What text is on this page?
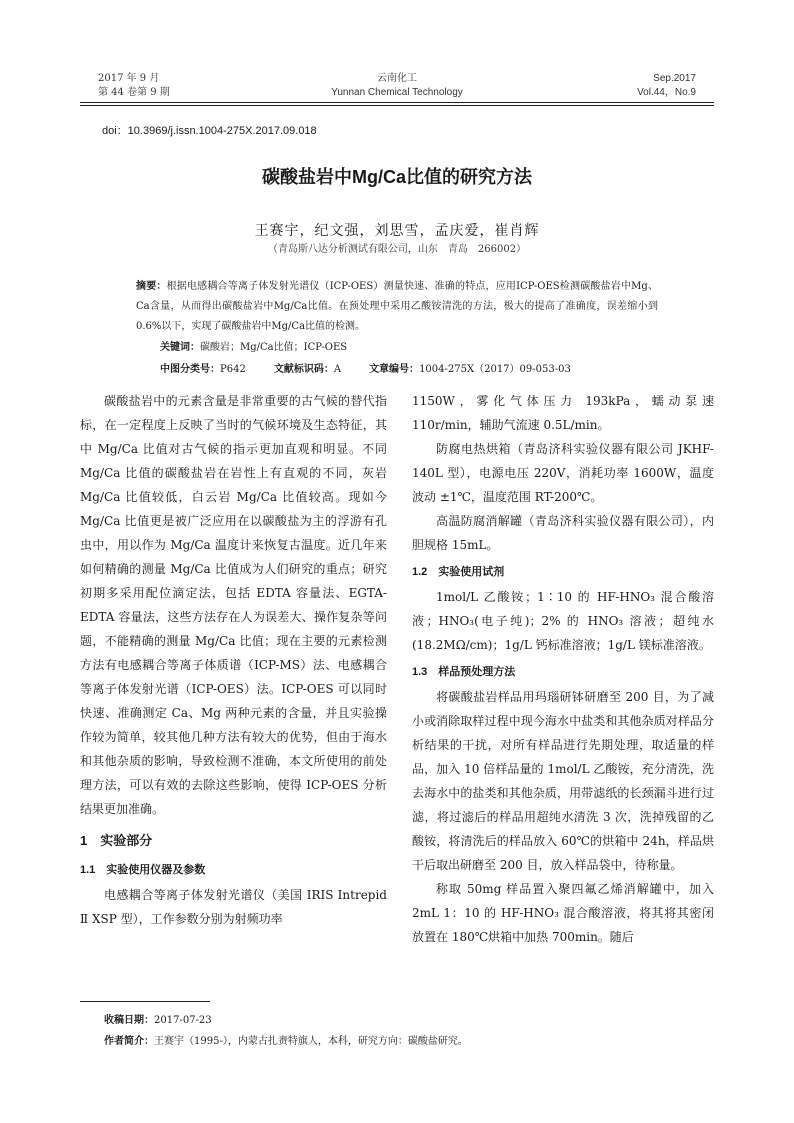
2017 年 9 月
第 44 卷第 9 期
云南化工
Yunnan Chemical Technology
Sep.2017
Vol.44，No.9
doi：10.3969/j.issn.1004-275X.2017.09.018
碳酸盐岩中Mg/Ca比值的研究方法
王赛宇，纪文强，刘思雪，孟庆爱，崔肖辉
（青岛斯八达分析测试有限公司，山东　青岛　266002）
摘要：根据电感耦合等离子体发射光谱仪（ICP-OES）测量快速、准确的特点，应用ICP-OES检测碳酸盐岩中Mg、Ca含量，从而得出碳酸盐岩中Mg/Ca比值。在预处理中采用乙酸铵清洗的方法，极大的提高了准确度，误差缩小到0.6%以下，实现了碳酸盐岩中Mg/Ca比值的检测。
关键词：碳酸岩；Mg/Ca比值；ICP-OES
中图分类号：P642	文献标识码：A	文章编号：1004-275X（2017）09-053-03

碳酸盐岩中的元素含量是非常重要的古气候的替代指标，在一定程度上反映了当时的气候环境及生态特征，其中 Mg/Ca 比值对古气候的指示更加直观和明显。不同 Mg/Ca 比值的碳酸盐岩在岩性上有直观的不同，灰岩 Mg/Ca 比值较低，白云岩 Mg/Ca 比值较高。现如今 Mg/Ca 比值更是被广泛应用在以碳酸盐为主的浮游有孔虫中，用以作为 Mg/Ca 温度计来恢复古温度。近几年来如何精确的测量 Mg/Ca 比值成为人们研究的重点；研究初期多采用配位滴定法，包括 EDTA 容量法、EGTA-EDTA 容量法，这些方法存在人为误差大、操作复杂等问题，不能精确的测量 Mg/Ca 比值；现在主要的元素检测方法有电感耦合等离子体质谱（ICP-MS）法、电感耦合等离子体发射光谱（ICP-OES）法。ICP-OES 可以同时快速、准确测定 Ca、Mg 两种元素的含量，并且实验操作较为简单，较其他几种方法有较大的优势，但由于海水和其他杂质的影响，导致检测不准确，本文所使用的前处理方法，可以有效的去除这些影响，使得 ICP-OES 分析结果更加准确。

1　实验部分
1.1　实验使用仪器及参数

电感耦合等离子体发射光谱仪（美国 IRIS Intrepid Ⅱ XSP 型），工作参数分别为射频功率

1150W，雾化气体压力 193kPa，蠕动泵速 110r/min，辅助气流速 0.5L/min。

防腐电热烘箱（青岛济科实验仪器有限公司 JKHF-140L 型），电源电压 220V，消耗功率 1600W，温度波动 ±1℃，温度范围 RT-200℃。

高温防腐消解罐（青岛济科实验仪器有限公司），内胆规格 15mL。

1.2　实验使用试剂

1mol/L 乙酸铵；1∶10 的 HF-HNO₃ 混合酸溶液；HNO₃(电子纯)；2% 的 HNO₃ 溶液；超纯水(18.2MΩ/cm)；1g/L 钙标准溶液；1g/L 镁标准溶液。

1.3　样品预处理方法

将碳酸盐岩样品用玛瑙研钵研磨至 200 目，为了减小或消除取样过程中现今海水中盐类和其他杂质对样品分析结果的干扰，对所有样品进行先期处理，取适量的样品，加入 10 倍样品量的 1mol/L 乙酸铵，充分清洗，洗去海水中的盐类和其他杂质，用带滤纸的长颈漏斗进行过滤，将过滤后的样品用超纯水清洗 3 次，洗掉残留的乙酸铵，将清洗后的样品放入 60℃的烘箱中 24h，样品烘干后取出研磨至 200 目，放入样品袋中，待称量。

称取 50mg 样品置入聚四氟乙烯消解罐中，加入 2mL 1：10 的 HF-HNO₃ 混合酸溶液，将其将其密闭放置在 180℃烘箱中加热 700min。随后

收稿日期：2017-07-23
作者简介：王赛宇（1995-），内蒙古扎赉特旗人，本科，研究方向：碳酸盐研究。
